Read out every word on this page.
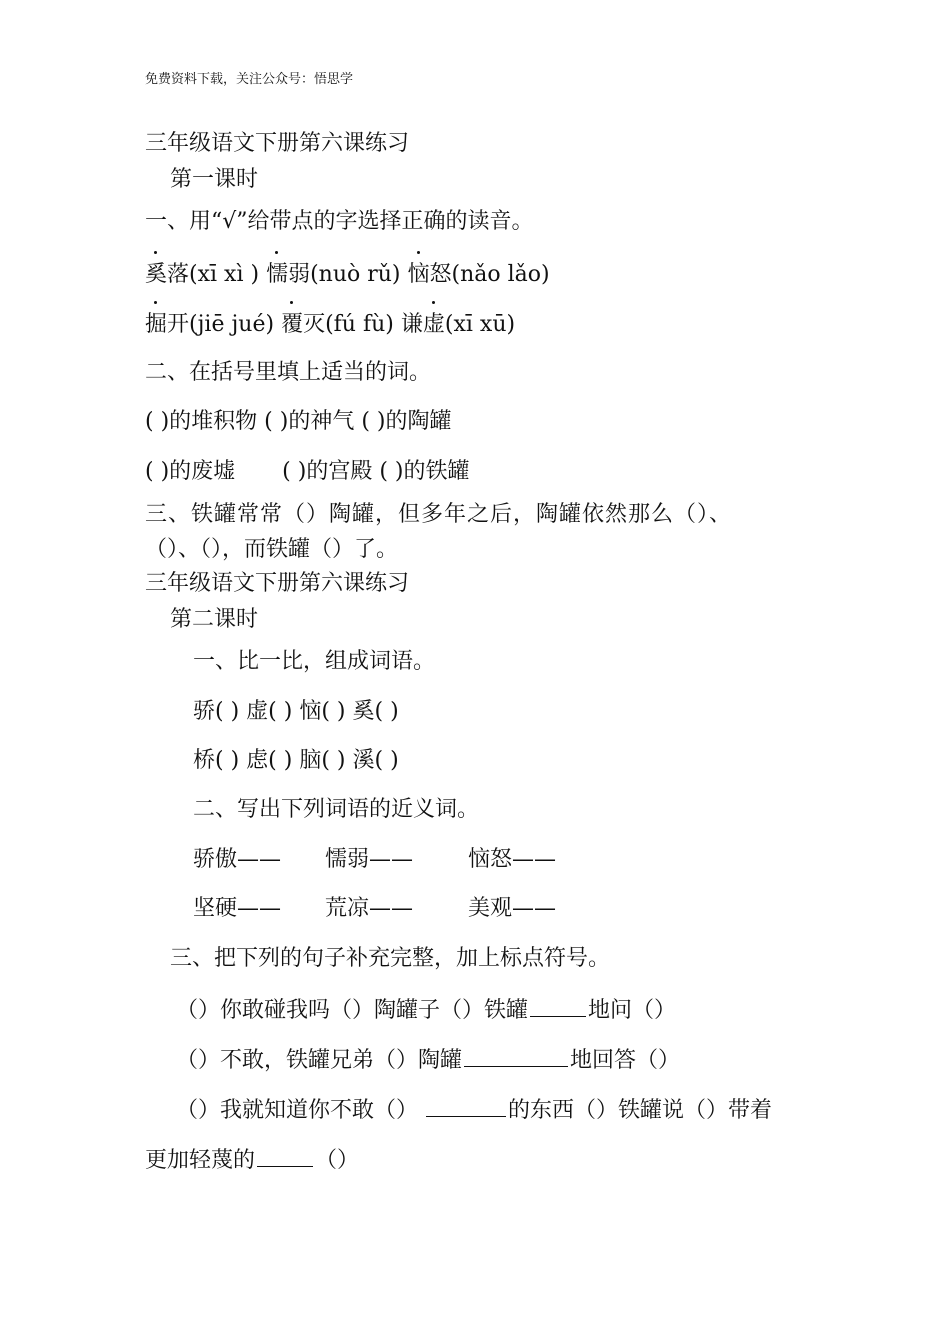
免费资料下载，关注公众号：悟思学
三年级语文下册第六课练习
第一课时
一、用“√”给带点的字选择正确的读音。
奚落(xī xì ) 懦弱(nuò rǔ) 恼怒(nǎo lǎo)
掘开(jiē jué) 覆灭(fú fù) 谦虚(xī xū)
二、在括号里填上适当的词。
( )的堆积物 ( )的神气 ( )的陶罐
( )的废墟 ( )的宫殿 ( )的铁罐
三、铁罐常常（）陶罐，但多年之后，陶罐依然那么（）、
（）、（），而铁罐（）了。
三年级语文下册第六课练习
第二课时
一、比一比，组成词语。
骄( ) 虚( ) 恼( ) 奚( )
桥( ) 虑( ) 脑( ) 溪( )
二、写出下列词语的近义词。
骄傲—— 懦弱—— 恼怒——
坚硬—— 荒凉—— 美观——
三、把下列的句子补充完整，加上标点符号。
（）你敢碰我吗（）陶罐子（）铁罐	地问（）
（）不敢，铁罐兄弟（）陶罐	地回答（）
（）我就知道你不敢（）	的东西（）铁罐说（）带着
更加轻蔑的	（）
